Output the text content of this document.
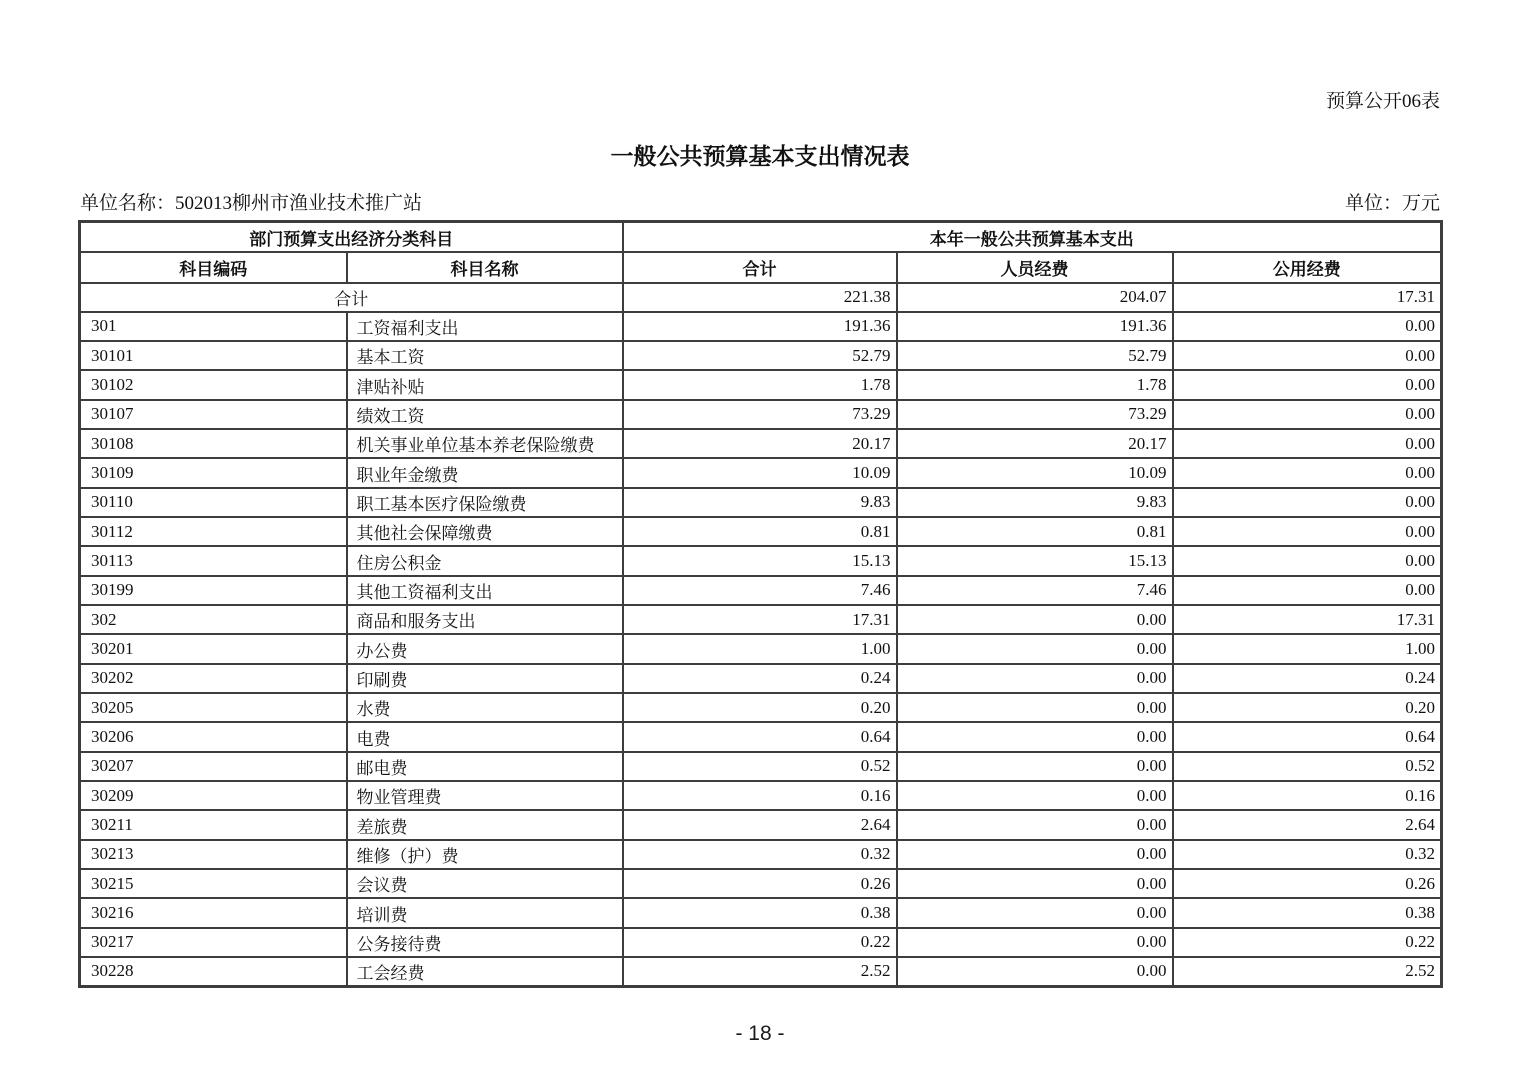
预算公开06表
一般公共预算基本支出情况表
单位名称：502013柳州市渔业技术推广站	单位：万元
部门预算支出经济分类科目		本年一般公共预算基本支出		
科目编码	科目名称	合计	人员经费	公用经费
合计		221.38	204.07	17.31
301	工资福利支出	191.36	191.36	0.00
30101	基本工资	52.79	52.79	0.00
30102	津贴补贴	1.78	1.78	0.00
30107	绩效工资	73.29	73.29	0.00
30108	机关事业单位基本养老保险缴费	20.17	20.17	0.00
30109	职业年金缴费	10.09	10.09	0.00
30110	职工基本医疗保险缴费	9.83	9.83	0.00
30112	其他社会保障缴费	0.81	0.81	0.00
30113	住房公积金	15.13	15.13	0.00
30199	其他工资福利支出	7.46	7.46	0.00
302	商品和服务支出	17.31	0.00	17.31
30201	办公费	1.00	0.00	1.00
30202	印刷费	0.24	0.00	0.24
30205	水费	0.20	0.00	0.20
30206	电费	0.64	0.00	0.64
30207	邮电费	0.52	0.00	0.52
30209	物业管理费	0.16	0.00	0.16
30211	差旅费	2.64	0.00	2.64
30213	维修（护）费	0.32	0.00	0.32
30215	会议费	0.26	0.00	0.26
30216	培训费	0.38	0.00	0.38
30217	公务接待费	0.22	0.00	0.22
30228	工会经费	2.52	0.00	2.52
- 18 -
